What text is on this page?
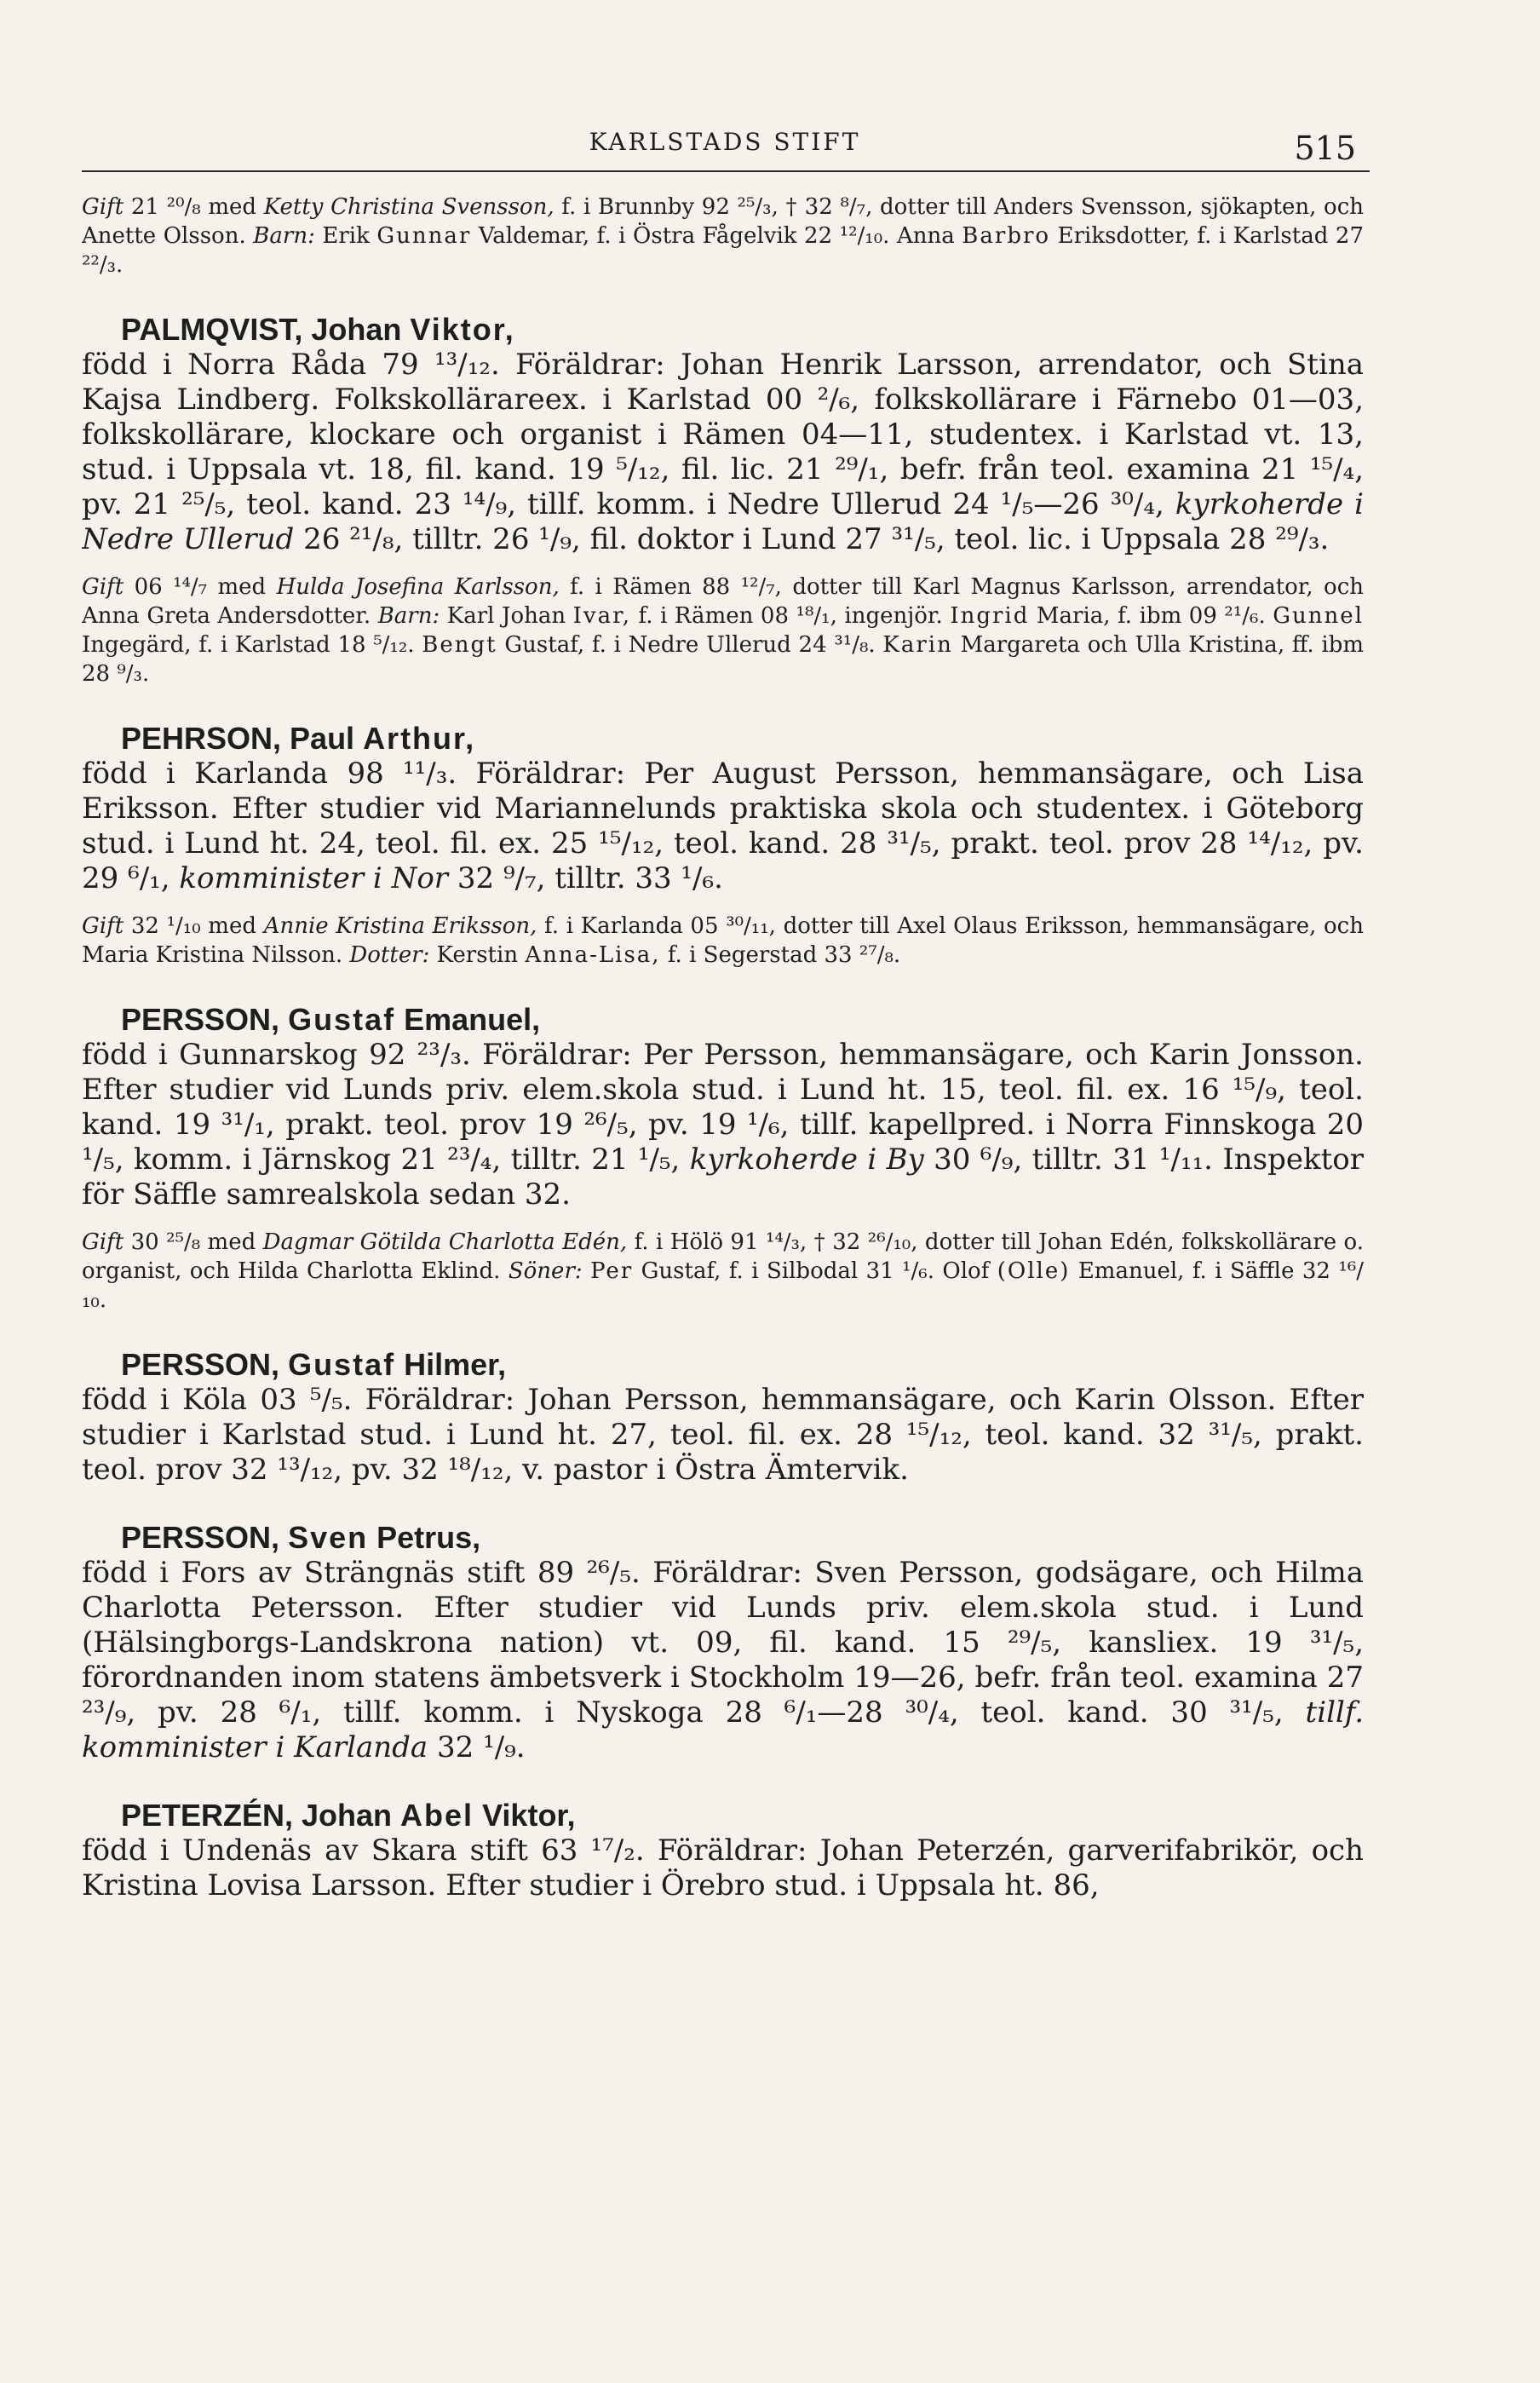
KARLSTADS STIFT	515

Gift 21 ²⁰/₈ med Ketty Christina Svensson, f. i Brunnby 92 ²⁵/₃, † 32 ⁸/₇, dotter till Anders Svensson, sjökapten, och Anette Olsson. Barn: Erik Gunnar Valdemar, f. i Östra Fågelvik 22 ¹²/₁₀. Anna Barbro Eriksdotter, f. i Karlstad 27 ²²/₃.

PALMQVIST, Johan Viktor,

född i Norra Råda 79 ¹³/₁₂. Föräldrar: Johan Henrik Larsson, arrendator, och Stina Kajsa Lindberg. Folkskollärareex. i Karlstad 00 ²/₆, folkskollärare i Färnebo 01—03, folkskollärare, klockare och organist i Rämen 04—11, studentex. i Karlstad vt. 13, stud. i Uppsala vt. 18, fil. kand. 19 ⁵/₁₂, fil. lic. 21 ²⁹/₁, befr. från teol. examina 21 ¹⁵/₄, pv. 21 ²⁵/₅, teol. kand. 23 ¹⁴/₉, tillf. komm. i Nedre Ullerud 24 ¹/₅—26 ³⁰/₄, kyrkoherde i Nedre Ullerud 26 ²¹/₈, tilltr. 26 ¹/₉, fil. doktor i Lund 27 ³¹/₅, teol. lic. i Uppsala 28 ²⁹/₃.

Gift 06 ¹⁴/₇ med Hulda Josefina Karlsson, f. i Rämen 88 ¹²/₇, dotter till Karl Magnus Karlsson, arrendator, och Anna Greta Andersdotter. Barn: Karl Johan Ivar, f. i Rämen 08 ¹⁸/₁, ingenjör. Ingrid Maria, f. ibm 09 ²¹/₆. Gunnel Ingegärd, f. i Karlstad 18 ⁵/₁₂. Bengt Gustaf, f. i Nedre Ullerud 24 ³¹/₈. Karin Margareta och Ulla Kristina, ff. ibm 28 ⁹/₃.

PEHRSON, Paul Arthur,

född i Karlanda 98 ¹¹/₃. Föräldrar: Per August Persson, hemmansägare, och Lisa Eriksson. Efter studier vid Mariannelunds praktiska skola och studentex. i Göteborg stud. i Lund ht. 24, teol. fil. ex. 25 ¹⁵/₁₂, teol. kand. 28 ³¹/₅, prakt. teol. prov 28 ¹⁴/₁₂, pv. 29 ⁶/₁, komminister i Nor 32 ⁹/₇, tilltr. 33 ¹/₆.

Gift 32 ¹/₁₀ med Annie Kristina Eriksson, f. i Karlanda 05 ³⁰/₁₁, dotter till Axel Olaus Eriksson, hemmansägare, och Maria Kristina Nilsson. Dotter: Kerstin Anna-Lisa, f. i Segerstad 33 ²⁷/₈.

PERSSON, Gustaf Emanuel,

född i Gunnarskog 92 ²³/₃. Föräldrar: Per Persson, hemmansägare, och Karin Jonsson. Efter studier vid Lunds priv. elem.skola stud. i Lund ht. 15, teol. fil. ex. 16 ¹⁵/₉, teol. kand. 19 ³¹/₁, prakt. teol. prov 19 ²⁶/₅, pv. 19 ¹/₆, tillf. kapellpred. i Norra Finnskoga 20 ¹/₅, komm. i Järnskog 21 ²³/₄, tilltr. 21 ¹/₅, kyrkoherde i By 30 ⁶/₉, tilltr. 31 ¹/₁₁. Inspektor för Säffle samrealskola sedan 32.

Gift 30 ²⁵/₈ med Dagmar Götilda Charlotta Edén, f. i Hölö 91 ¹⁴/₃, † 32 ²⁶/₁₀, dotter till Johan Edén, folkskollärare o. organist, och Hilda Charlotta Eklind. Söner: Per Gustaf, f. i Silbodal 31 ¹/₆. Olof (Olle) Emanuel, f. i Säffle 32 ¹⁶/₁₀.

PERSSON, Gustaf Hilmer,

född i Köla 03 ⁵/₅. Föräldrar: Johan Persson, hemmansägare, och Karin Olsson. Efter studier i Karlstad stud. i Lund ht. 27, teol. fil. ex. 28 ¹⁵/₁₂, teol. kand. 32 ³¹/₅, prakt. teol. prov 32 ¹³/₁₂, pv. 32 ¹⁸/₁₂, v. pastor i Östra Ämtervik.

PERSSON, Sven Petrus,

född i Fors av Strängnäs stift 89 ²⁶/₅. Föräldrar: Sven Persson, godsägare, och Hilma Charlotta Petersson. Efter studier vid Lunds priv. elem.skola stud. i Lund (Hälsingborgs-Landskrona nation) vt. 09, fil. kand. 15 ²⁹/₅, kansliex. 19 ³¹/₅, förordnanden inom statens ämbetsverk i Stockholm 19—26, befr. från teol. examina 27 ²³/₉, pv. 28 ⁶/₁, tillf. komm. i Nyskoga 28 ⁶/₁—28 ³⁰/₄, teol. kand. 30 ³¹/₅, tillf. komminister i Karlanda 32 ¹/₉.

PETERZÉN, Johan Abel Viktor,

född i Undenäs av Skara stift 63 ¹⁷/₂. Föräldrar: Johan Peterzén, garverifabrikör, och Kristina Lovisa Larsson. Efter studier i Örebro stud. i Uppsala ht. 86,
